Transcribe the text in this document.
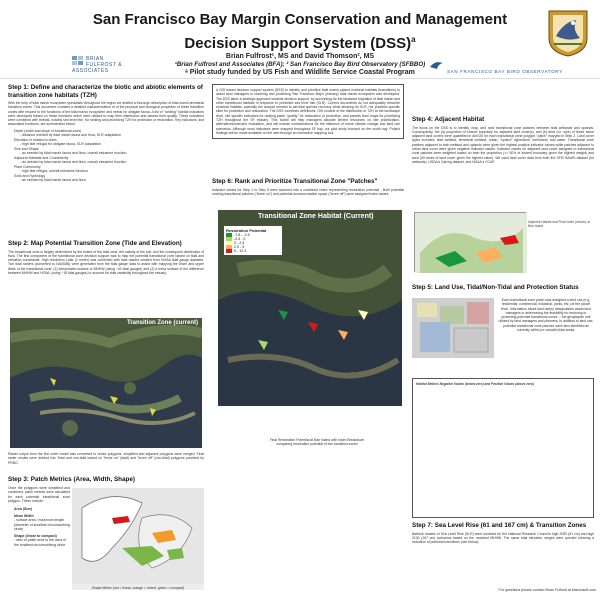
San Francisco Bay Margin Conservation and Management
Decision Support System (DSS)$^a$
Brian Fulfrost¹, MS and David Thomson², MS
¹Brian Fulfrost and Associates (BFA); ² San Francisco Bay Bird Observatory (SFBBO)
ᵃ Pilot study funded by US Fish and Wildlife Service Coastal Program
BRIAN FULFROST & ASSOCIATES	SAN FRANCISCO BAY BIRD OBSERVATORY
Step 1: Define and characterize the biotic and abiotic elements of transition zone habitats (TZH)
With the help of tidal marsh ecosystem specialists throughout the region we drafted a thorough description of tidal marsh-terrestrial transition zones. This document contains a detailed characterization of of the physical and biological properties of these transition zones with respect to the functions of the tidal marsh ecosystem and needs for obligate fauna. A list of "ranking" habitat indicators were developed based on these functions which were utilized to map their distribution and assess their quality. These indicators were combined with threats, notably sea level rise, for ranking and prioritizing TZH for protection or restoration. Key indicators, and associated functions, are summarized below:
Depth (width and slope of transitional zone)
- distance needed by tidal marsh fauna and flora, SLR adaptation
Elevation in relation to tides
- high tide refugia for obligate fauna, SLR adaptation
Size and Shape
- as needed by tidal marsh fauna and flora, overall estuarine function
Adjacent Habitats and Connectivity
- as needed by tidal marsh fauna and flora, overall estuarine function
Plant Community
- high tide refugia, overall estuarine function
Soils and Hydrology
- as needed by tidal marsh fauna and flora
Step 2: Map Potential Transition Zone (Tide and Elevation)
The transitional zone is largely determined by the extent of the tidal zone, the salinity of the soil, and the consequent distribution of flora. The first component of the transitional zone decision support was to map the potential transitional zone based on tidal and elevation constraints. High resolution Lidar (1 meter) was combined with tidal rasters created from NOAA tidal gauge datasets. Two tidal rasters (converted to NAVD88) were generated from the tidal gauge data to assist with mapping the lower and upper limits of the transitional zone: (1) interpolated surface of MHHW (using ~40 tidal gauges) and (2) a trend surface of the difference between MHHW and HOWL (using ~16 tidal gauges) to account for tidal variability throughout the estuary.
Transition Zone (current)
Raster output from the first order model was converted to vector polygons, simplified and adjacent polygons were merged. Final raster results were divided into "tidal and non-tidal based on "levee on" (tidal) and "levee off" (non-tidal) polygons provided by PRBO.
Step 3: Patch Metrics (Area, Width, Shape)
Once the polygons were simplified and combined, patch metrics were calculated for each potential transitional zone polygon. These include:
Area (Size)
Mean Width
- surface area / maximum length (diameter of smallest circumscribing circle)
Shape (linear to compact)
- ratio of patch area to the area of the smallest circumscribing circle
Shape Metric (red = linear, orange = mixed, green = compact)
A GIS based decision support system (DSS) to identify and prioritize tidal marsh-upland ecotonal habitats (transitions) to assist land managers in restoring and protecting San Francisco Bay's (estuary) tidal marsh ecosystem was developed. The DSS takes a strategic approach towards decision support, by accounting for the landward migration of tidal marsh and other transitional habitats in response to predicted sea level rise (SLR). Current documents do not adequately describe ecotonal habitats, specially the amount needed to aid tidal species recovery while allowing for SLR, nor prioritize specific sites for protection and restoration. The DSS combines definitions, GIS models of the distribution of TZH at the landscape level, site specific indicators for ranking patch "quality" for restoration or protection, and parcels level maps for prioritizing TZH throughout the SF estuary. This toolkit will help managers allocate limited resources on site prioritization, alternatives/scenario evaluation, and will include considerations for the influence of future climate change and land use scenarios. Although most indicators were mapped throughout SF bay, our pilot study focused on the south bay. Project findings will be made available on the web through an interactive mapping tool.
Step 6: Rank and Prioritize Transitional Zone "Patches"
Indicator values for Step 1 to Step 5 were summed into a combined index representing restoration potential . Both potential existing transitional patches ("levee on") and potential accommodation space ("levee off") were assigned index values.
Transitional Zone Habitat (Current)
Restoration Potential
-7.8 - -2.5
-2.5 - 0
0 - 2.5
2.5 - 5
5 - 10.4
Final Restoration Potential at Bair Island with Index Breakdown comparing restoration potential of two transition zones
Step 4: Adjacent Habitat
The focus on the DSS is to identify, map, and rank transitional zone patches between tidal wetlands and uplands. Consequently, the (a) proportion of shared boundary for adjacent land cover(s), and (b) area (i.e. size) of these same adjacent land covers were quantified in ArcGIS for each transitional zone polygon "patch" mapped in Step 2. Land cover types included: tidal wetland, terrestrial wetland, urban, "upland" agriculture, forestland, and water. Transitional zone patches adjacent to both wetland and uplands were given the highest positive indicator values while patches adjacent to urban land cover were given negative indicator values. Indicator values for adjacent land cover assigned to transitional zone patches were weighted based on both the proportion (>= 50% of shared boundary given the highest weight) and area (50 acres of land cover given the highest value). We used land cover data from both the SFEI BAARI dataset (for wetlands), USDA's Calveg dataset, and NOAA's CCAP.
Adjacent Habitat and Final Index (shown) at Bair Island
Step 5: Land Use, Tidal/Non-Tidal and Protection Status
Each transitional zone patch was assigned a land use (e.g. residential, commercial, industrial, parks, etc.) at the parcel level. Information about land use(s) designations assist land managers in determining the feasibility for restoring or protecting potential transitional zones -- the geographic unit utilized by land managers and planners. In addition to land use, potential transitional zone patches were also identified as currently within (or outside) tidal areas.
Habitat Metrics Negative Values (below zero) and Positive Values (above zero)
Step 7: Sea Level Rise (61 and 167 cm) & Transition Zones
Bathtub models of Sea Level Rise (SLR) were modeled for the National Research Council's high 2050 (61 cm) and high 2100 (167 cm) scenarios based on the modeled MHHW. The same tidal elevation ranges were queried showing a reduction of potential transitions (see below).
For questions please contact Brian Fulfrost at bfaconsult.com
